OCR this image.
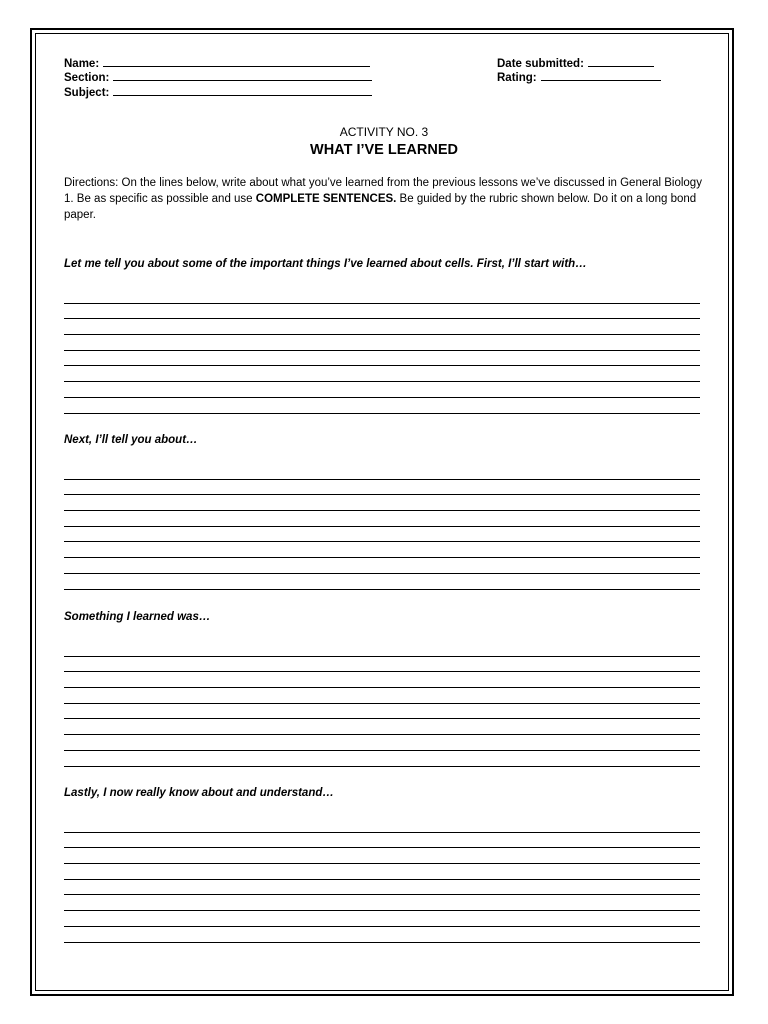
Name:
Section:
Subject:
Date submitted:
Rating:
ACTIVITY NO. 3
WHAT I’VE LEARNED
Directions: On the lines below, write about what you’ve learned from the previous lessons we’ve discussed in General Biology 1. Be as specific as possible and use COMPLETE SENTENCES. Be guided by the rubric shown below. Do it on a long bond paper.
Let me tell you about some of the important things I’ve learned about cells. First, I’ll start with…
Next, I’ll tell you about…
Something I learned was…
Lastly, I now really know about and understand…
